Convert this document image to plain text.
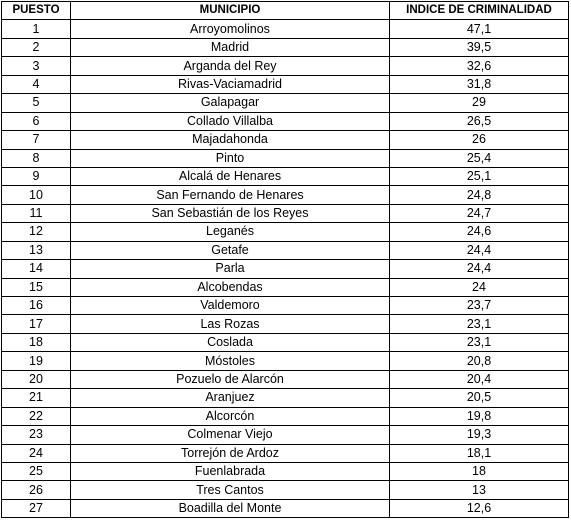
PUESTO	MUNICIPIO	INDICE DE CRIMINALIDAD
1	Arroyomolinos	47,1
2	Madrid	39,5
3	Arganda del Rey	32,6
4	Rivas-Vaciamadrid	31,8
5	Galapagar	29
6	Collado Villalba	26,5
7	Majadahonda	26
8	Pinto	25,4
9	Alcalá de Henares	25,1
10	San Fernando de Henares	24,8
11	San Sebastián de los Reyes	24,7
12	Leganés	24,6
13	Getafe	24,4
14	Parla	24,4
15	Alcobendas	24
16	Valdemoro	23,7
17	Las Rozas	23,1
18	Coslada	23,1
19	Móstoles	20,8
20	Pozuelo de Alarcón	20,4
21	Aranjuez	20,5
22	Alcorcón	19,8
23	Colmenar Viejo	19,3
24	Torrejón de Ardoz	18,1
25	Fuenlabrada	18
26	Tres Cantos	13
27	Boadilla del Monte	12,6
